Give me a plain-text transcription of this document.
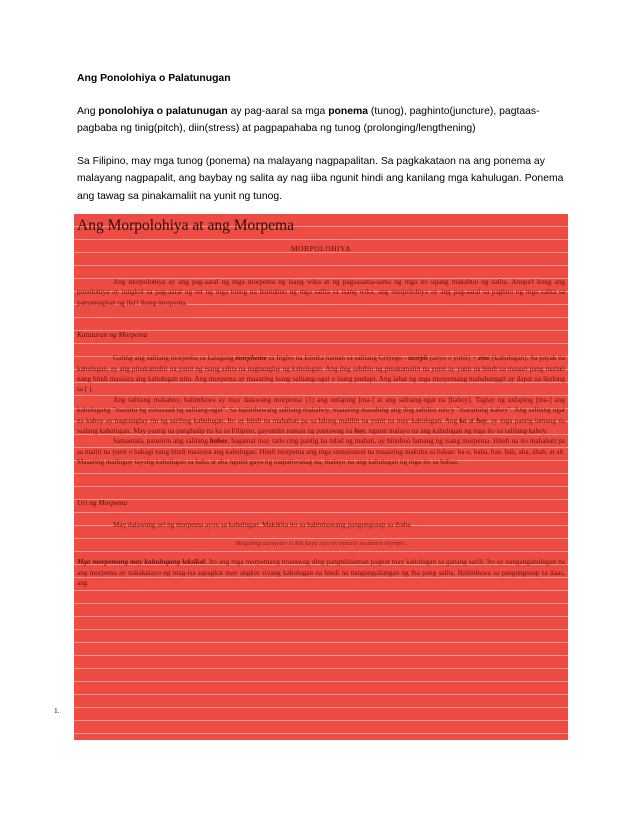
Ang Ponolohiya o Palatunugan

Ang ponolohiya o palatunugan ay pag-aaral sa mga ponema (tunog), paghinto(juncture), pagtaas-pagbaba ng tinig(pitch), diin(stress) at pagpapahaba ng tunog (prolonging/lengthening)

Sa Filipino, may mga tunog (ponema) na malayang nagpapalitan. Sa pagkakataon na ang ponema ay malayang nagpapalit, ang baybay ng salita ay nag iiba ngunit hindi ang kanilang mga kahulugan. Ponema ang tawag sa pinakamaliit na yunit ng tunog.

Ang Morpolohiya at ang Morpema
MORPOLOHIYA

Ang morpolohiya ay ang pag-aaral ng mga morpema ng isang wika at ng pagsasama-sama ng mga ito upang makabuo ng salita. Anupa't kung ang ponolohiya ay tungkol sa pag-aaral ng set ng mga tunog na bumubuo ng mga salita sa isang wika, ang morpolohiya ay ang pag-aaral sa pagbuo ng mga salita sa pamamagitan ng iba't ibang morpema.

Katuturan ng Morpema

Galing ang salitang morpema sa katagang morpheme sa Ingles na kinuha naman sa salitang Griyego - morph (anyo o yunit) + eme (kahulugan). Sa payak na kahulugan, ay ang pinakamaliit na yunit ng isang salita na nagtataglay ng kahulugan. Ang ibig sabihin ng pinakamaliit na yunit ay yunit na hindi na maaari pang mahati nang hindi masisira ang kahulugan nito. Ang morpema ay maaaring isang salitang-ugat o isang panlapi. Ang lahat ng mga morpemang mababanggit ay dapat na ikulong sa [ ].

Ang salitang makahoy, halimbawa ay may dalawang morpema: (1) ang unlaping [ma-] at ang salitang-ugat na [kahoy]. Taglay ng unlaping [ma-] ang kahulugang "marami ng isinasaad ng salitang-ugat". Sa halimbawang salitang makahoy, maaaring masabing ang ibig sabihin nito'y "maraming kahoy". Ang salitang ugat na kahoy ay nagtataglay rin ng sariling kahulugan. Ito ay hindi na mahahati pa sa lalong maliliit na yunit na may kahulugan. Ang ka at hoy, ay mga pantig lamang na walang kahulugan. May pantig na panghalip na ka sa Filipino, gayundin naman ng pantawag na hoy, ngunit malayo na ang kahulugan ng mga ito sa salitang kahoy.

Samantala, pansinin ang salitang babae, bagamat may tatlo ring pantig na tulad ng mabait, ay binubuo lamang ng isang morpema. Hindi na ito mahahati pa sa maliit na yunit o bahagi nang hindi masisira ang kahulugan. Hindi morpema ang mga sumusunod na maaaring makuha sa babae: ba-e, baba, bae, bab, aba, abab, at ab. Masaring maibigay tayong kahulugan sa baba at aba ngunit gaya ng naipaliwanag na, malayo na ang kahulugan ng mga ito sa babae.

Uri ng Morpema

May dalawang uri ng morpema ayon sa kahulugan. Makikita ito sa halimbawang pangungusap sa ibaba.

Magaling sumayaw si Rik kaya siya ay nanalo sa dance olympic.

Mga morpemang may kahulugang leksikal. Ito ang mga morpemang tinatawag ding pangnilalaman pagkat may kahulugan sa ganang sarili. Ito ay nangangahulugan na ang morpema ay nakakatayo ng mag-isa sapagkat may angkin siyang kahulugan na hindi na nangangailangan ng iba pang salita. Halimbawa sa pangungusap sa itaas, ang

1.
